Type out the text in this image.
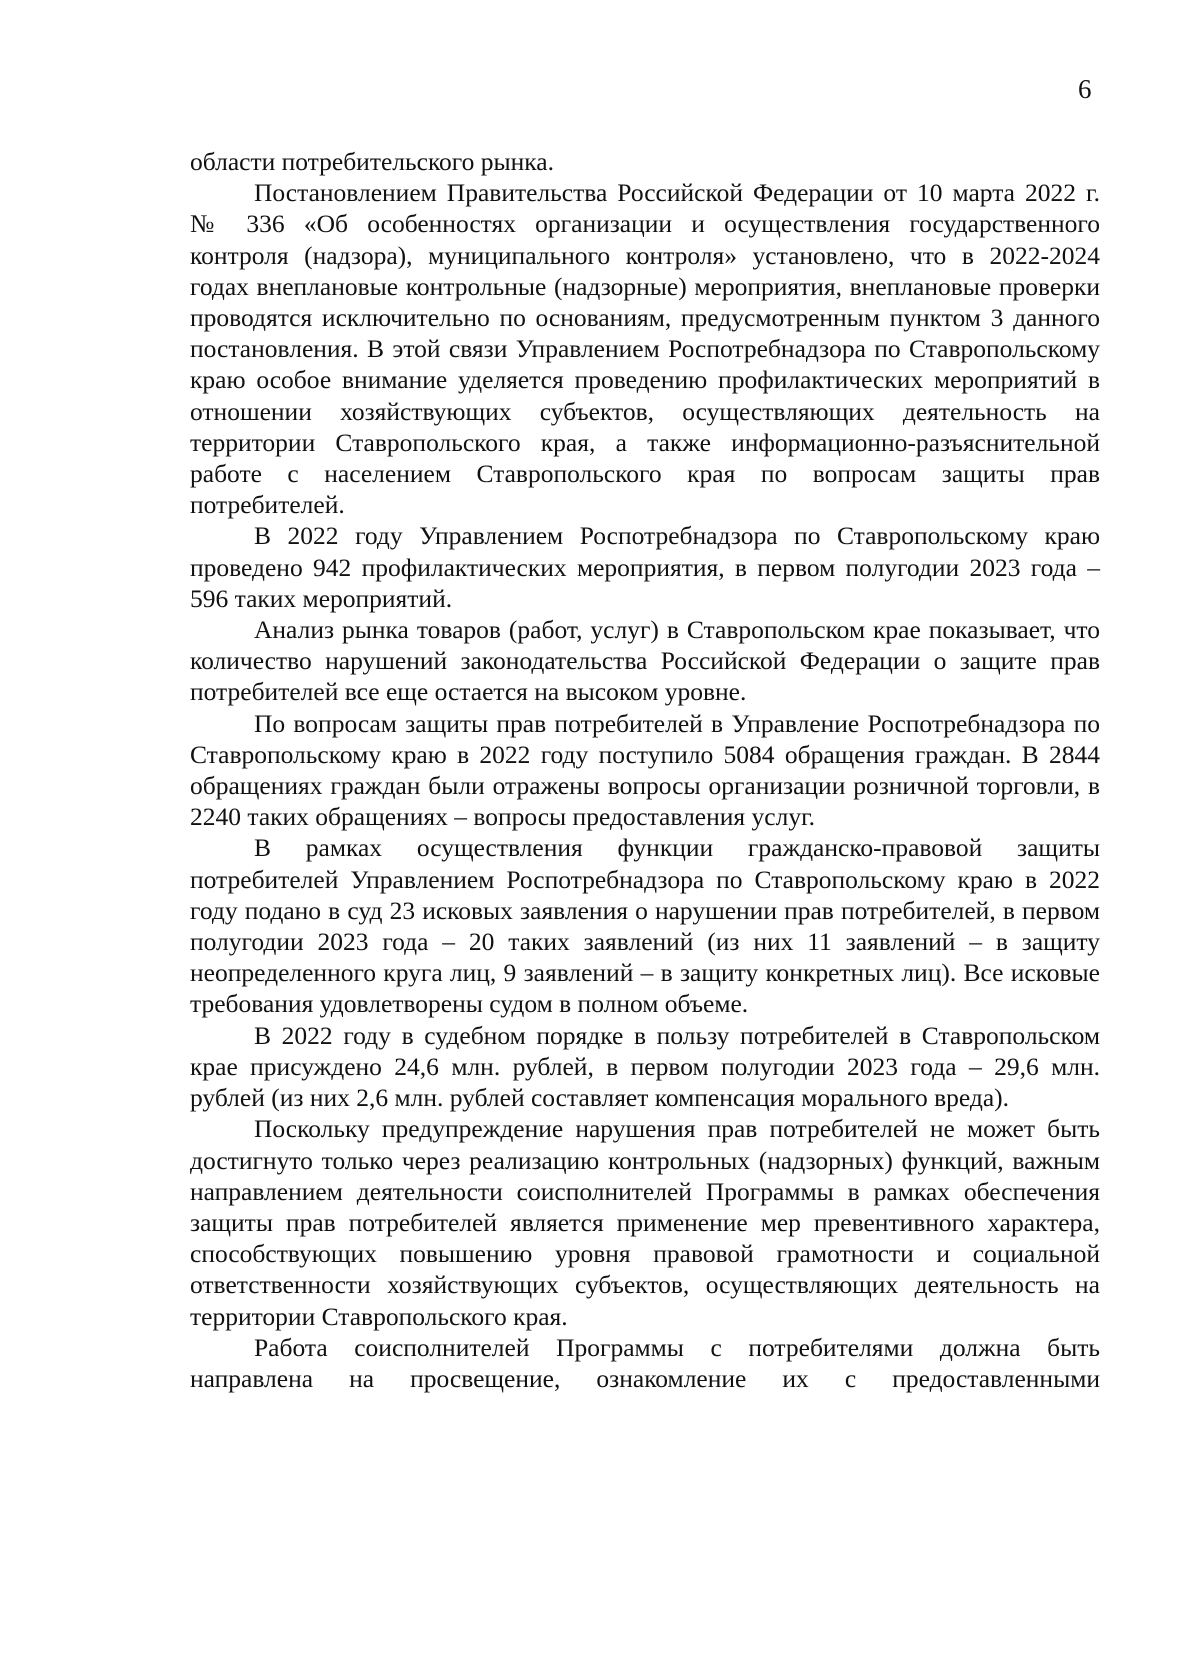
6

области потребительского рынка.

Постановлением Правительства Российской Федерации от 10 марта 2022 г. № 336 «Об особенностях организации и осуществления государственного контроля (надзора), муниципального контроля» установлено, что в 2022-2024 годах внеплановые контрольные (надзорные) мероприятия, внеплановые проверки проводятся исключительно по основаниям, предусмотренным пунктом 3 данного постановления. В этой связи Управлением Роспотребнадзора по Ставропольскому краю особое внимание уделяется проведению профилактических мероприятий в отношении хозяйствующих субъектов, осуществляющих деятельность на территории Ставропольского края, а также информационно-разъяснительной работе с населением Ставропольского края по вопросам защиты прав потребителей.

В 2022 году Управлением Роспотребнадзора по Ставропольскому краю проведено 942 профилактических мероприятия, в первом полугодии 2023 года – 596 таких мероприятий.

Анализ рынка товаров (работ, услуг) в Ставропольском крае показывает, что количество нарушений законодательства Российской Федерации о защите прав потребителей все еще остается на высоком уровне.

По вопросам защиты прав потребителей в Управление Роспотребнадзора по Ставропольскому краю в 2022 году поступило 5084 обращения граждан. В 2844 обращениях граждан были отражены вопросы организации розничной торговли, в 2240 таких обращениях – вопросы предоставления услуг.

В рамках осуществления функции гражданско-правовой защиты потребителей Управлением Роспотребнадзора по Ставропольскому краю в 2022 году подано в суд 23 исковых заявления о нарушении прав потребителей, в первом полугодии 2023 года – 20 таких заявлений (из них 11 заявлений – в защиту неопределенного круга лиц, 9 заявлений – в защиту конкретных лиц). Все исковые требования удовлетворены судом в полном объеме.

В 2022 году в судебном порядке в пользу потребителей в Ставропольском крае присуждено 24,6 млн. рублей, в первом полугодии 2023 года – 29,6 млн. рублей (из них 2,6 млн. рублей составляет компенсация морального вреда).

Поскольку предупреждение нарушения прав потребителей не может быть достигнуто только через реализацию контрольных (надзорных) функций, важным направлением деятельности соисполнителей Программы в рамках обеспечения защиты прав потребителей является применение мер превентивного характера, способствующих повышению уровня правовой грамотности и социальной ответственности хозяйствующих субъектов, осуществляющих деятельность на территории Ставропольского края.

Работа соисполнителей Программы с потребителями должна быть направлена на просвещение, ознакомление их с предоставленными
